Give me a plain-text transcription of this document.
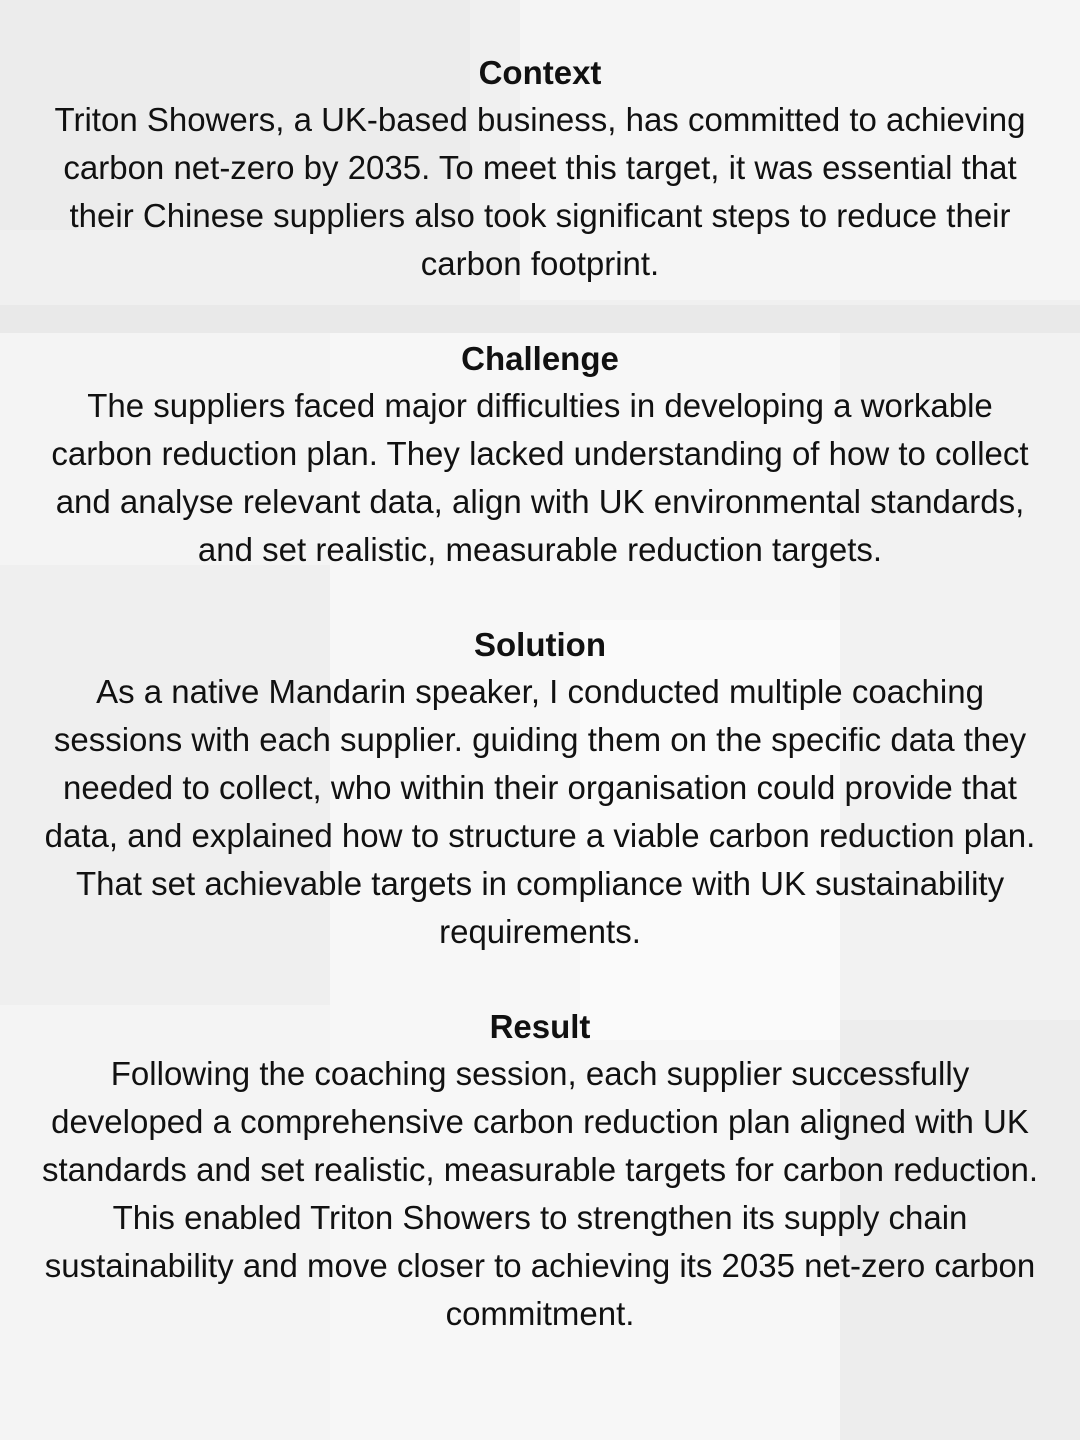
Context

Triton Showers, a UK-based business, has committed to achieving carbon net-zero by 2035. To meet this target, it was essential that their Chinese suppliers also took significant steps to reduce their carbon footprint.

Challenge

The suppliers faced major difficulties in developing a workable carbon reduction plan. They lacked understanding of how to collect and analyse relevant data, align with UK environmental standards, and set realistic, measurable reduction targets.

Solution

As a native Mandarin speaker, I conducted multiple coaching sessions with each supplier. guiding them on the specific data they needed to collect, who within their organisation could provide that data, and explained how to structure a viable carbon reduction plan. That set achievable targets in compliance with UK sustainability requirements.

Result

Following the coaching session, each supplier successfully developed a comprehensive carbon reduction plan aligned with UK standards and set realistic, measurable targets for carbon reduction. This enabled Triton Showers to strengthen its supply chain sustainability and move closer to achieving its 2035 net-zero carbon commitment.
